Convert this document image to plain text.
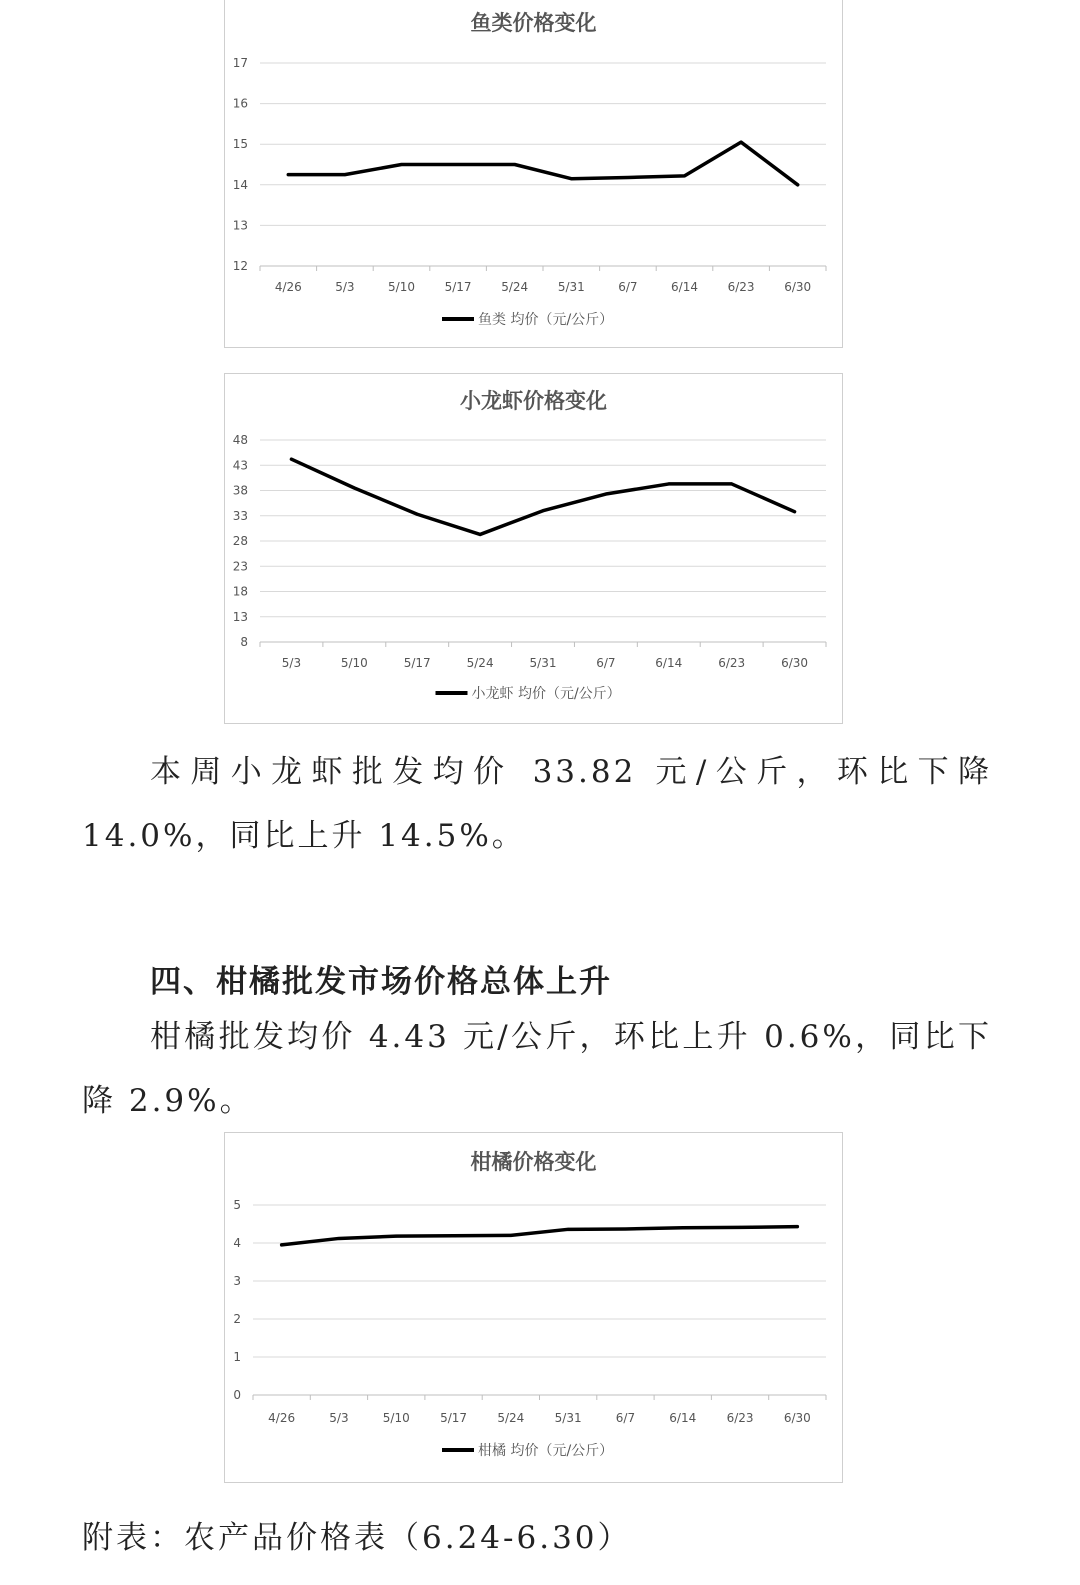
鱼类价格变化
12
13
14
15
16
17
4/26	5/3	5/10 5/17 5/24 5/31	6/7	6/14 6/23 6/30
鱼类 均价（元/公斤）
小龙虾价格变化
8
13
18
23
28
33
38
43
48
5/3	5/10	5/17	5/24	5/31	6/7	6/14	6/23	6/30
小龙虾 均价（元/公斤）

本周小龙虾批发均价 33.82 元/公斤，环比下降 14.0%，同比上升 14.5%。

四、柑橘批发市场价格总体上升

柑橘批发均价 4.43 元/公斤，环比上升 0.6%，同比下降 2.9%。

柑橘价格变化
0
1
2
3
4
5
4/26	5/3	5/10	5/17	5/24	5/31	6/7	6/14	6/23	6/30
柑橘 均价（元/公斤）

附表：农产品价格表（6.24-6.30）
